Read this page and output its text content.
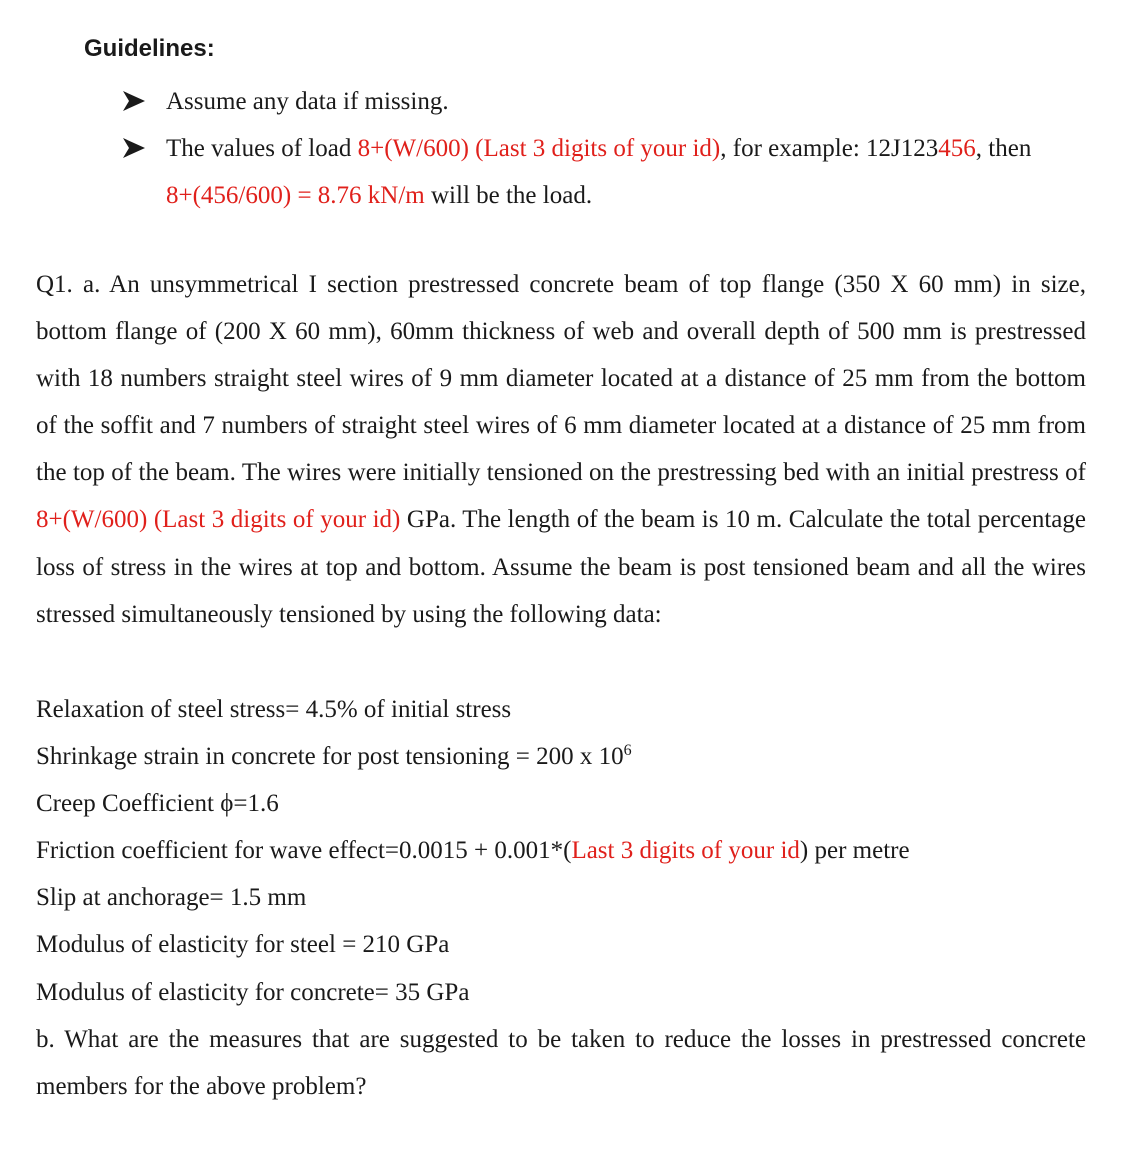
Guidelines:
Assume any data if missing.
The values of load 8+(W/600) (Last 3 digits of your id), for example: 12J123456, then
8+(456/600) = 8.76 kN/m will be the load.

Q1. a. An unsymmetrical I section prestressed concrete beam of top flange (350 X 60 mm) in size, bottom flange of (200 X 60 mm), 60mm thickness of web and overall depth of 500 mm is prestressed with 18 numbers straight steel wires of 9 mm diameter located at a distance of 25 mm from the bottom of the soffit and 7 numbers of straight steel wires of 6 mm diameter located at a distance of 25 mm from the top of the beam. The wires were initially tensioned on the prestressing bed with an initial prestress of 8+(W/600) (Last 3 digits of your id) GPa. The length of the beam is 10 m. Calculate the total percentage loss of stress in the wires at top and bottom. Assume the beam is post tensioned beam and all the wires stressed simultaneously tensioned by using the following data:

Relaxation of steel stress= 4.5% of initial stress
Shrinkage strain in concrete for post tensioning = 200 x $10^6$
Creep Coefficient ϕ=1.6
Friction coefficient for wave effect=0.0015 + 0.001*(Last 3 digits of your id) per metre
Slip at anchorage= 1.5 mm
Modulus of elasticity for steel = 210 GPa
Modulus of elasticity for concrete= 35 GPa

b. What are the measures that are suggested to be taken to reduce the losses in prestressed concrete members for the above problem?
